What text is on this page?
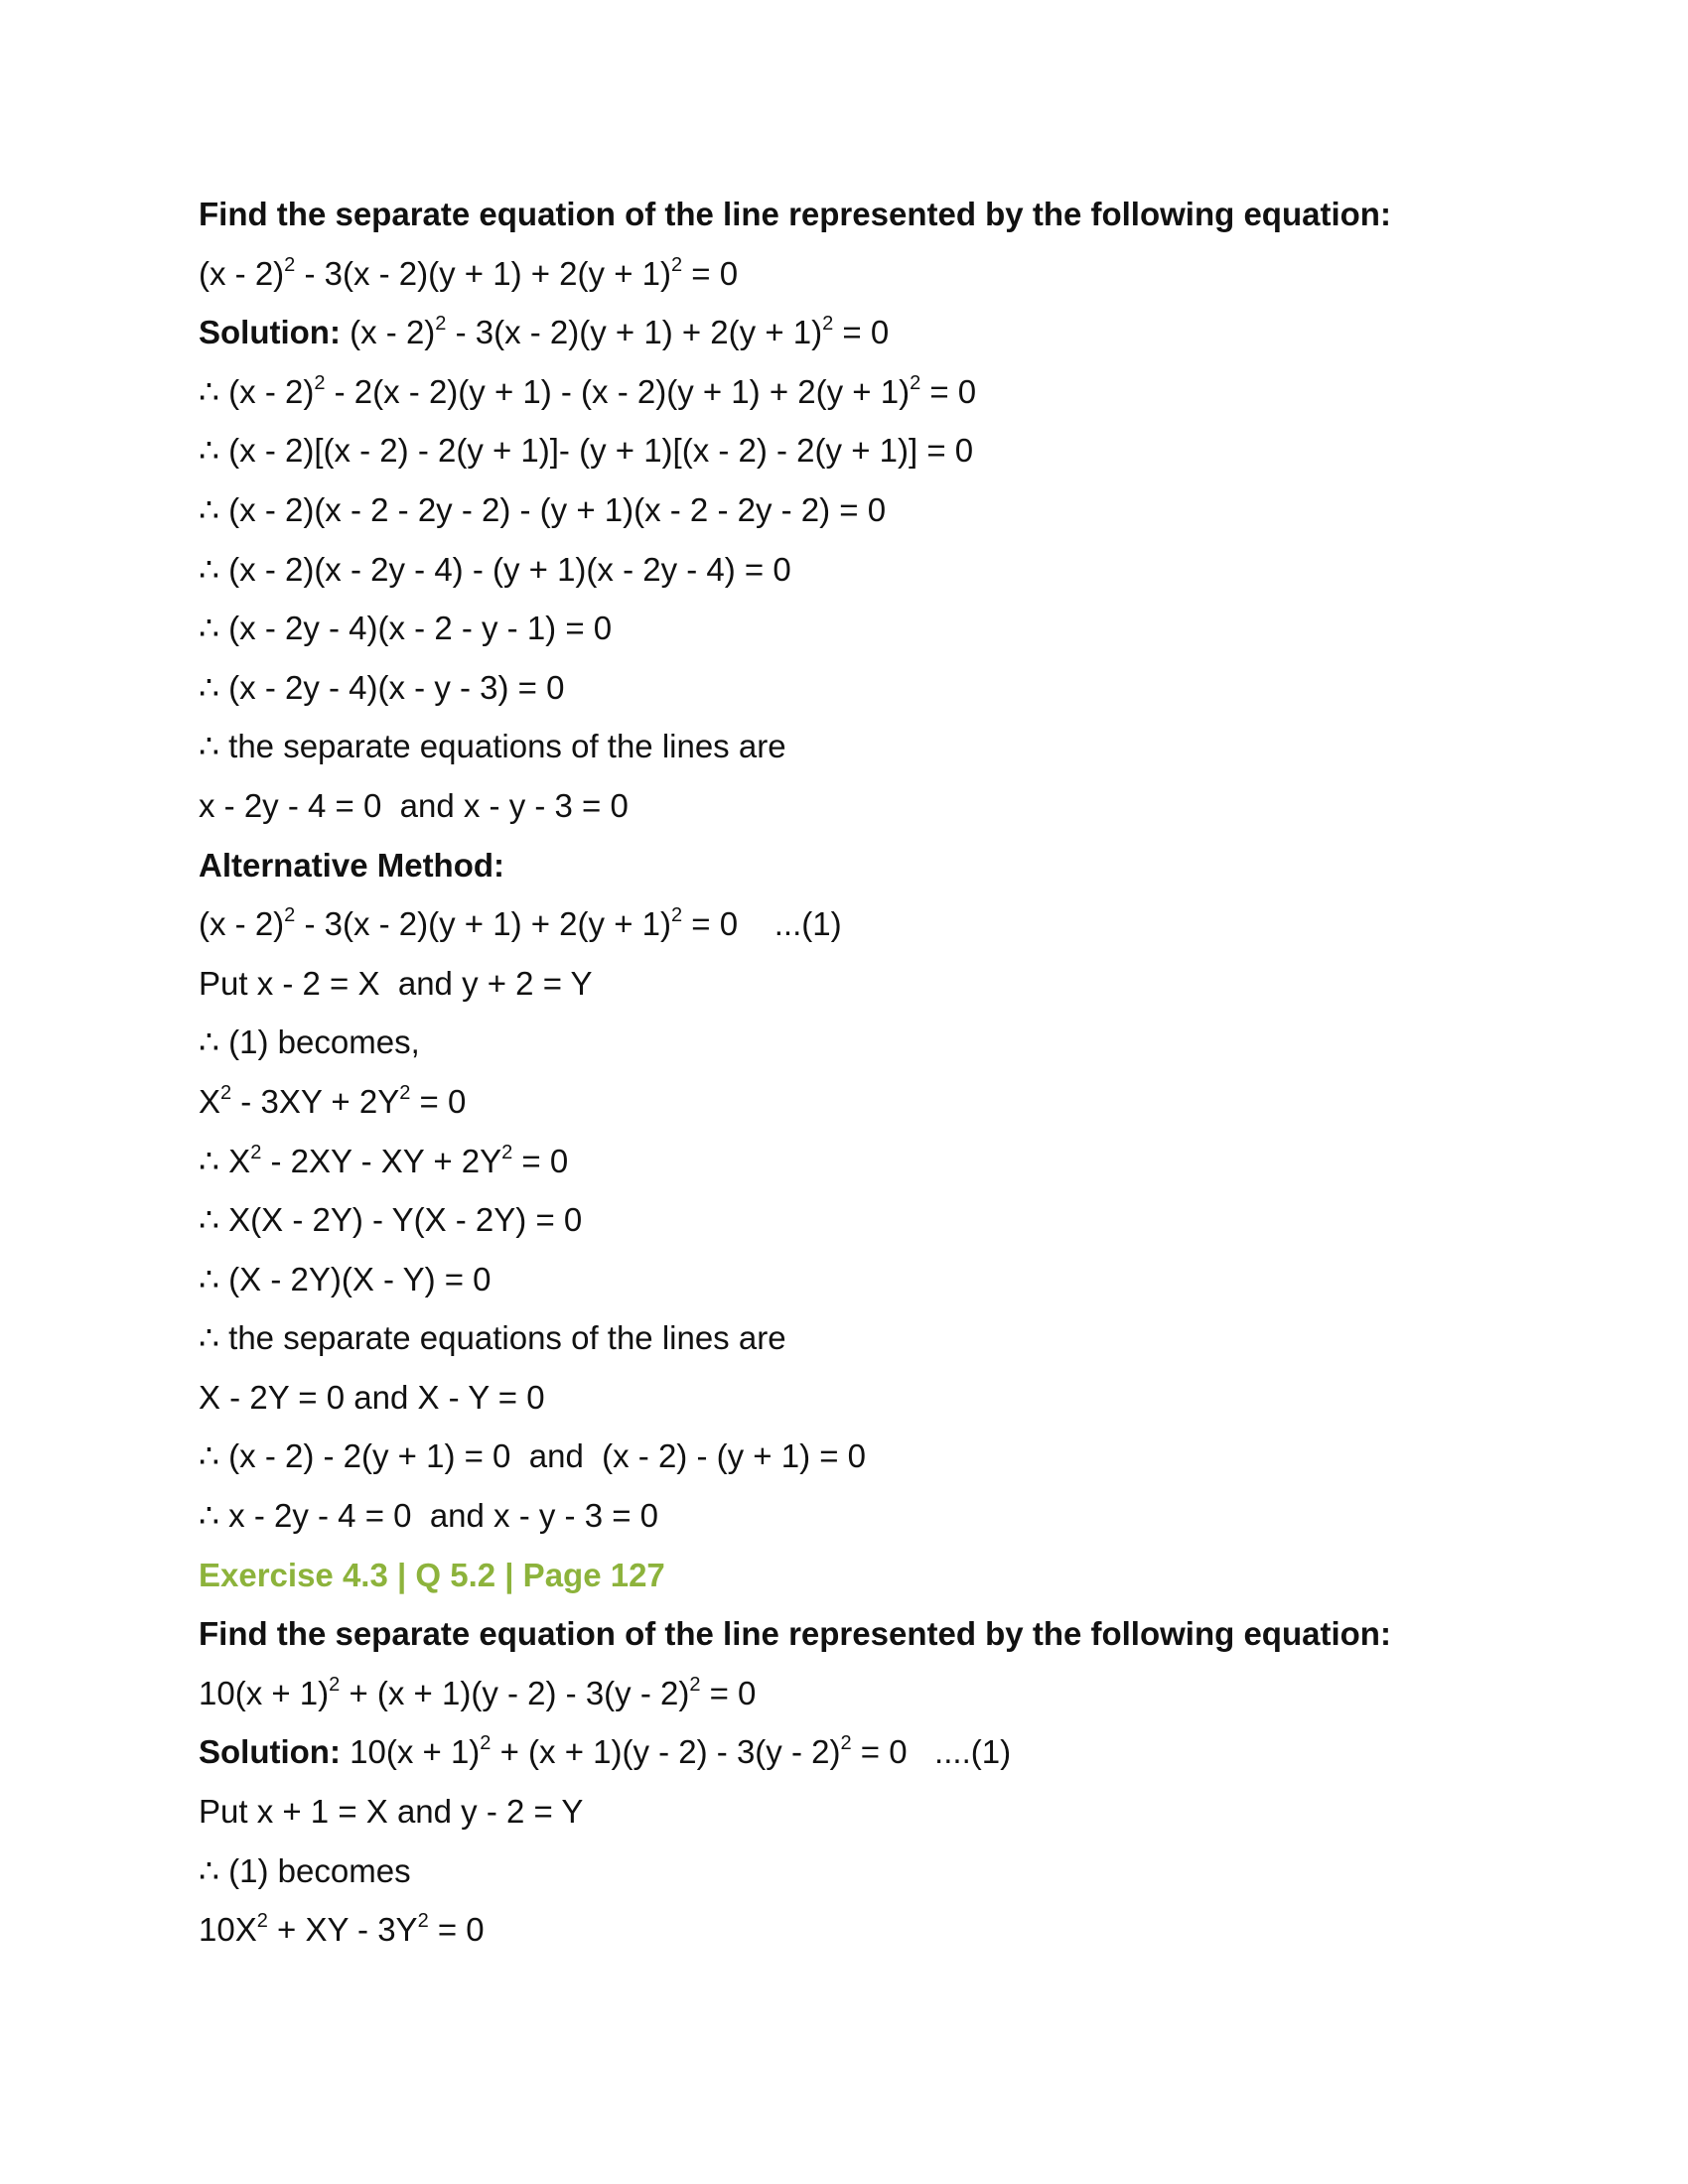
Find the separate equation of the line represented by the following equation:
$(x - 2)^2 - 3(x - 2)(y + 1) + 2(y + 1)^2 = 0$
Solution: $(x - 2)^2 - 3(x - 2)(y + 1) + 2(y + 1)^2 = 0$
∴ $(x - 2)^2 - 2(x - 2)(y + 1) - (x - 2)(y + 1) + 2(y + 1)^2 = 0$
∴ (x - 2)[(x - 2) - 2(y + 1)]- (y + 1)[(x - 2) - 2(y + 1)] = 0
∴ (x - 2)(x - 2 - 2y - 2) - (y + 1)(x - 2 - 2y - 2) = 0
∴ (x - 2)(x - 2y - 4) - (y + 1)(x - 2y - 4) = 0
∴ (x - 2y - 4)(x - 2 - y - 1) = 0
∴ (x - 2y - 4)(x - y - 3) = 0
∴ the separate equations of the lines are
x - 2y - 4 = 0  and x - y - 3 = 0
Alternative Method:
$(x - 2)^2 - 3(x - 2)(y + 1) + 2(y + 1)^2 = 0$    ...(1)
Put x - 2 = X  and y + 2 = Y
∴ (1) becomes,
$X^2 - 3XY + 2Y^2 = 0$
∴ $X^2 - 2XY$ - XY + $2Y^2 = 0$
∴ X(X - 2Y) - Y(X - 2Y) = 0
∴ (X - 2Y)(X - Y) = 0
∴ the separate equations of the lines are
X - 2Y = 0 and X - Y = 0
∴ (x - 2) - 2(y + 1) = 0  and  (x - 2) - (y + 1) = 0
∴ x - 2y - 4 = 0  and x - y - 3 = 0
Exercise 4.3 | Q 5.2 | Page 127
Find the separate equation of the line represented by the following equation:
$10(x + 1)^2 + (x + 1)(y - 2) - 3(y - 2)^2 = 0$
Solution: $10(x + 1)^2 + (x + 1)(y - 2) - 3(y - 2)^2 = 0$   ....(1)
Put x + 1 = X and y - 2 = Y
∴ (1) becomes
$10X^2$ + XY - $3Y^2 = 0$
